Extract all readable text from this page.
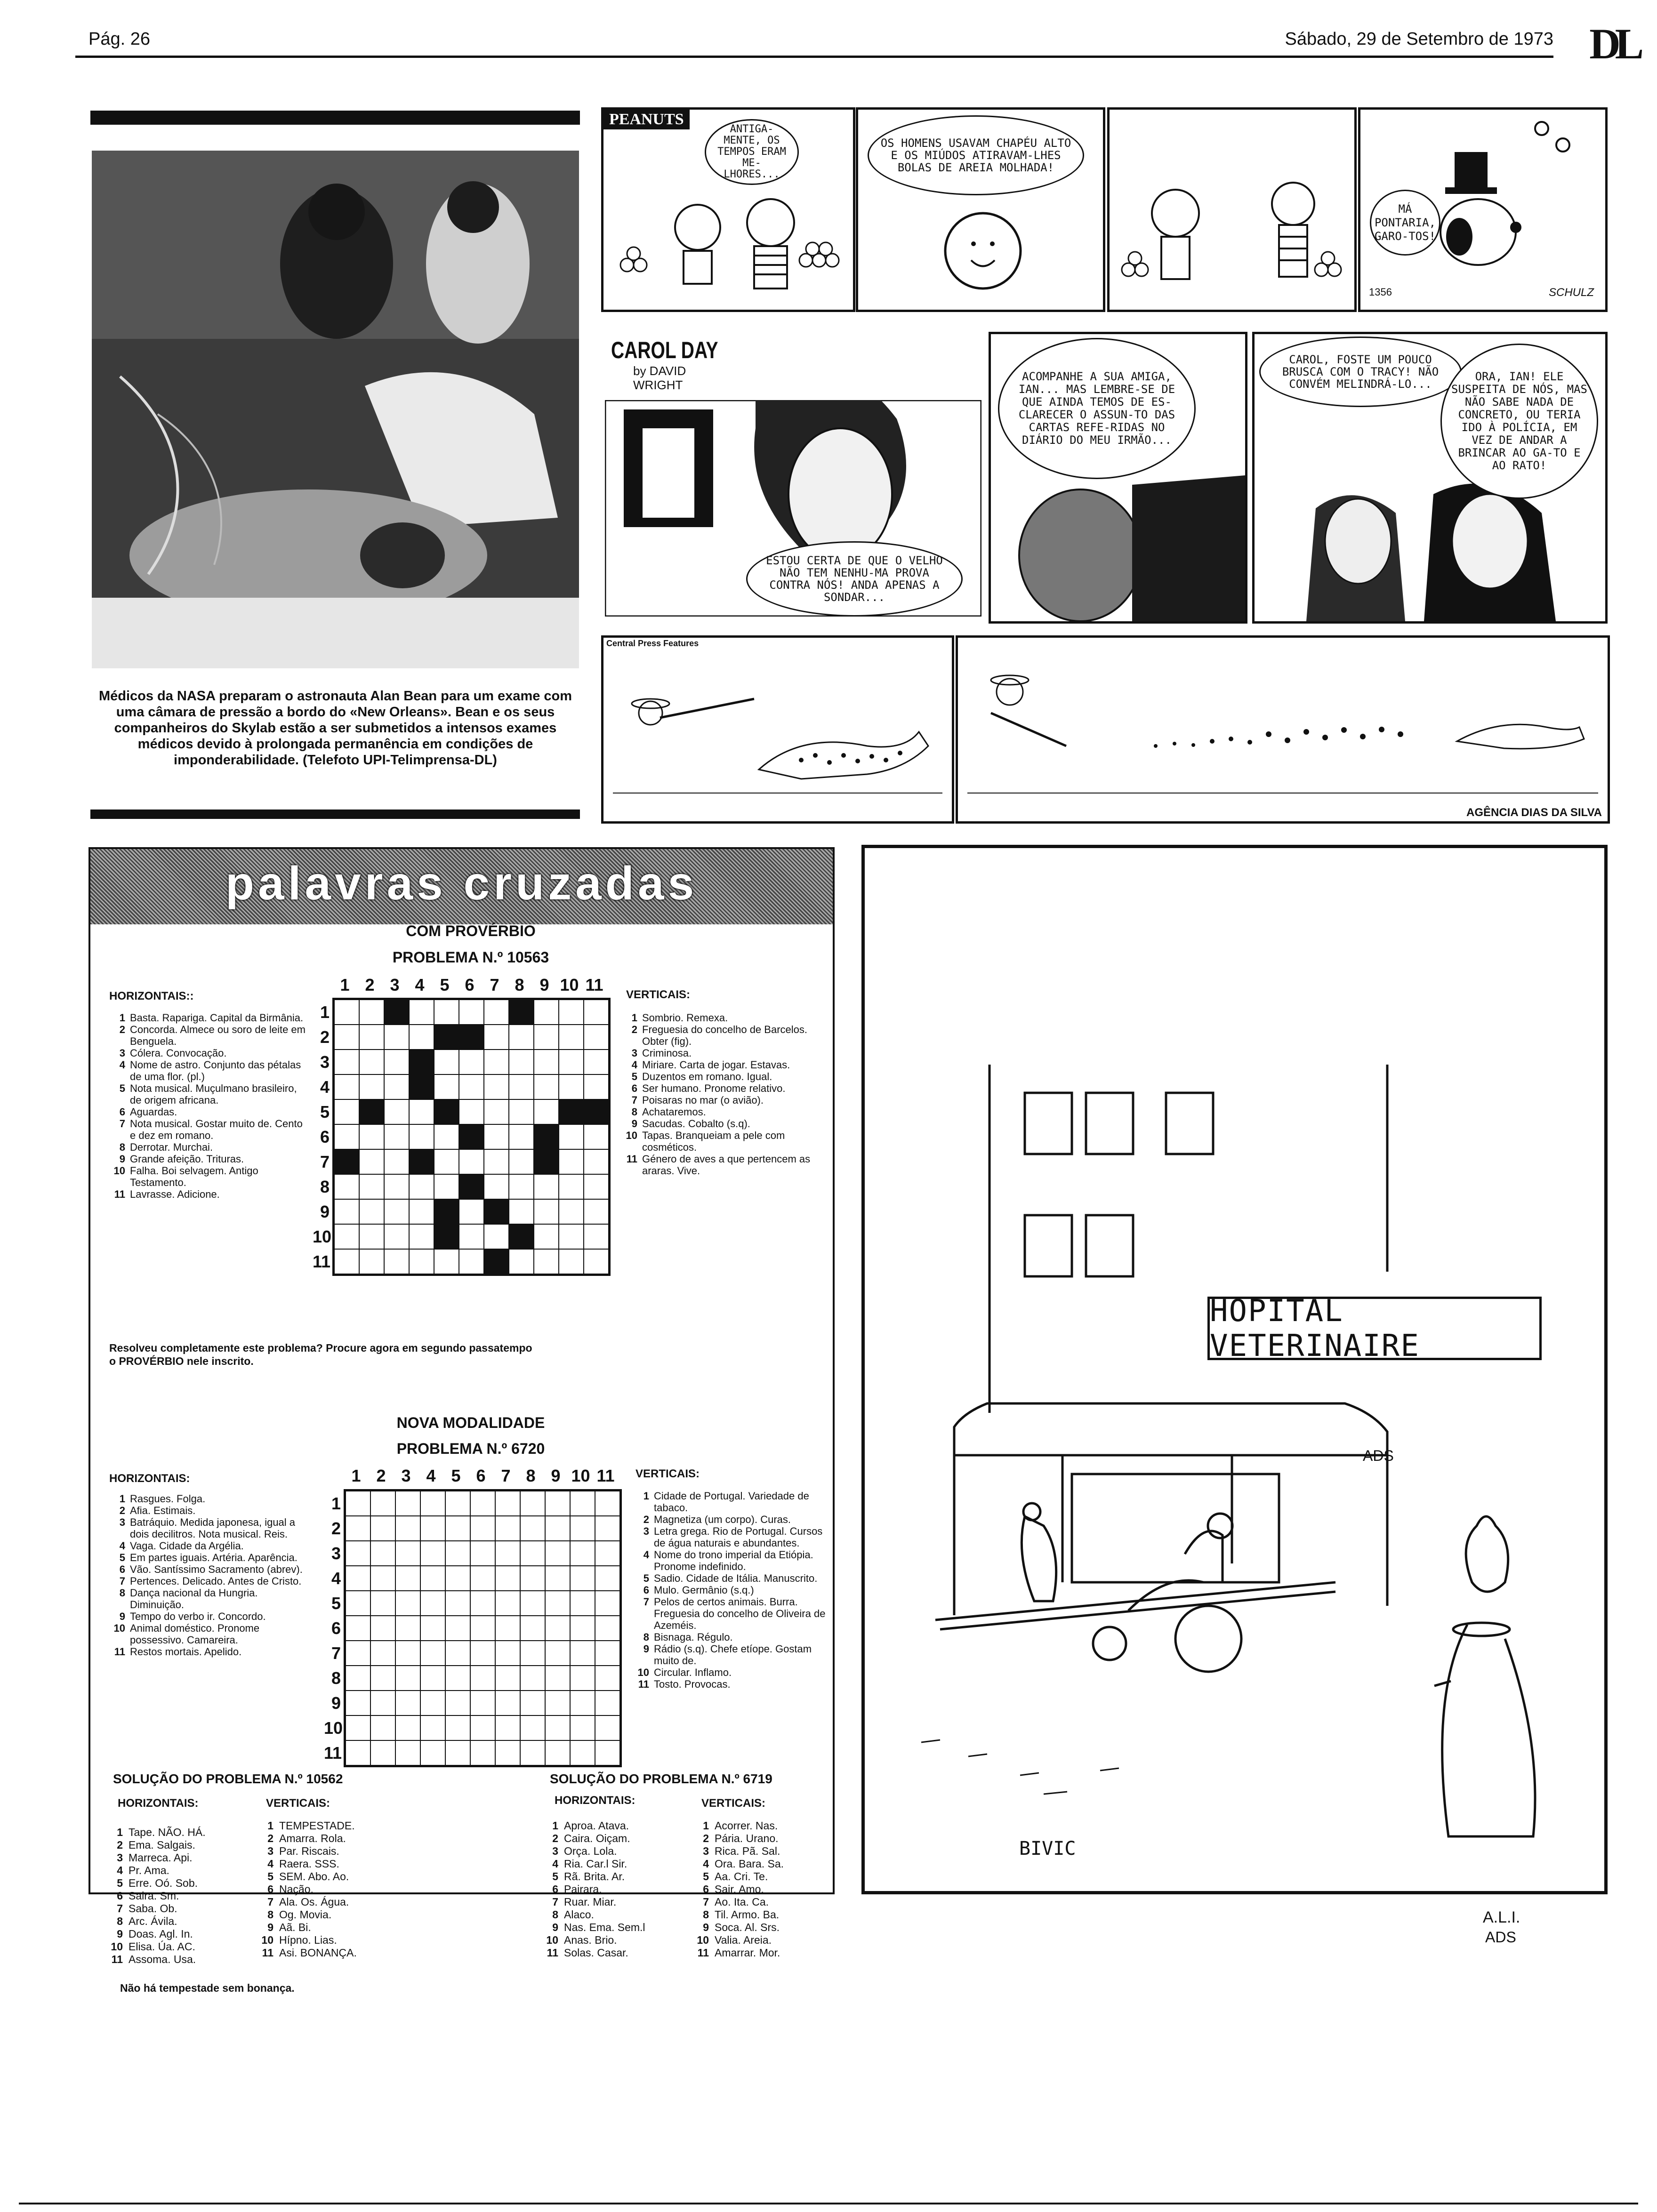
Pág. 26	Sábado, 29 de Setembro de 1973 DL
Médicos da NASA preparam o astronauta Alan Bean para um exame com uma câmara de pressão a bordo do «New Orleans». Bean e os seus companheiros do Skylab estão a ser submetidos a intensos exames médicos devido à prolongada permanência em condições de imponderabilidade. (Telefoto UPI-Telimprensa-DL)
PEANUTS
ANTIGA-MENTE, OS TEMPOS ERAM ME-LHORES...
OS HOMENS USAVAM CHAPÉU ALTO E OS MIÚDOS ATIRAVAM-LHES BOLAS DE AREIA MOLHADA!
MÁ PONTARIA, GARO-TOS!
SCHULZ
1356
CAROL DAY
by DAVID
WRIGHT
ESTOU CERTA DE QUE O VELHO NÃO TEM NENHU-MA PROVA CONTRA NÓS! ANDA APENAS A SONDAR...
ACOMPANHE A SUA AMIGA, IAN... MAS LEMBRE-SE DE QUE AINDA TEMOS DE ES-CLARECER O ASSUN-TO DAS CARTAS REFE-RIDAS NO DIÁRIO DO MEU IRMÃO...
CAROL, FOSTE UM POUCO BRUSCA COM O TRACY! NÃO CONVÉM MELINDRÁ-LO...
ORA, IAN! ELE SUSPEITA DE NÓS, MAS NÃO SABE NADA DE CONCRETO, OU TERIA IDO À POLÍCIA, EM VEZ DE ANDAR A BRINCAR AO GA-TO E AO RATO!
Central Press Features
AGÊNCIA DIAS DA SILVA
palavras cruzadas
COM PROVÉRBIO
PROBLEMA N.º 10563
HORIZONTAIS::
1 Basta. Rapariga. Capital da Birmânia.
2 Concorda. Almece ou soro de leite em Benguela.
3 Cólera. Convocação.
4 Nome de astro. Conjunto das pétalas de uma flor. (pl.)
5 Nota musical. Muçulmano brasileiro, de origem africana.
6 Aguardas.
7 Nota musical. Gostar muito de. Cento e dez em romano.
8 Derrotar. Murchai.
9 Grande afeição. Trituras.
10 Falha. Boi selvagem. Antigo Testamento.
11 Lavrasse. Adicione.
1 2 3 4 5 6 7 8 9 10 11
1
2
3
4
5
6
7
8
9
10
11
VERTICAIS:
1 Sombrio. Remexa.
2 Freguesia do concelho de Barcelos. Obter (fig).
3 Criminosa.
4 Miriare. Carta de jogar. Estavas.
5 Duzentos em romano. Igual.
6 Ser humano. Pronome relativo.
7 Poisaras no mar (o avião).
8 Achataremos.
9 Sacudas. Cobalto (s.q).
10 Tapas. Branqueiam a pele com cosméticos.
11 Género de aves a que pertencem as araras. Vive.
Resolveu completamente este problema? Procure agora em segundo passatempo o PROVÉRBIO nele inscrito.
NOVA MODALIDADE
PROBLEMA N.º 6720
HORIZONTAIS:
1 Rasgues. Folga.
2 Afia. Estimais.
3 Batráquio. Medida japonesa, igual a dois decilitros. Nota musical. Reis.
4 Vaga. Cidade da Argélia.
5 Em partes iguais. Artéria. Aparência.
6 Vão. Santíssimo Sacramento (abrev).
7 Pertences. Delicado. Antes de Cristo.
8 Dança nacional da Hungria. Diminuição.
9 Tempo do verbo ir. Concordo.
10 Animal doméstico. Pronome possessivo. Camareira.
11 Restos mortais. Apelido.
1 2 3 4 5 6 7 8 9 10 11
1
2
3
4
5
6
7
8
9
10
11
VERTICAIS:
1 Cidade de Portugal. Variedade de tabaco.
2 Magnetiza (um corpo). Curas.
3 Letra grega. Rio de Portugal. Cursos de água naturais e abundantes.
4 Nome do trono imperial da Etiópia. Pronome indefinido.
5 Sadio. Cidade de Itália. Manuscrito.
6 Mulo. Germânio (s.q.)
7 Pelos de certos animais. Burra. Freguesia do concelho de Oliveira de Azeméis.
8 Bisnaga. Régulo.
9 Rádio (s.q). Chefe etíope. Gostam muito de.
10 Circular. Inflamo.
11 Tosto. Provocas.
SOLUÇÃO DO PROBLEMA N.º 10562
HORIZONTAIS:	VERTICAIS:
1 Tape. NÃO. HÁ.
2 Ema. Salgais.
3 Marreca. Api.
4 Pr. Ama.
5 Erre. Oó. Sob.
6 Saira. Sm.
7 Saba. Ob.
8 Arc. Ávila.
9 Doas. Agl. In.
10 Elisa. Úa. AC.
11 Assoma. Usa.
1 TEMPESTADE.
2 Amarra. Rola.
3 Par. Riscais.
4 Raera. SSS.
5 SEM. Abo. Ao.
6 Nação.
7 Ala. Os. Água.
8 Og. Movia.
9 Aã. Bi.
10 Hípno. Lias.
11 Asi. BONANÇA.
Não há tempestade sem bonança.
SOLUÇÃO DO PROBLEMA N.º 6719
HORIZONTAIS:	VERTICAIS:
1 Aproa. Atava.
2 Caira. Oiçam.
3 Orça. Lola.
4 Ria. Car.l Sir.
5 Rã. Brita. Ar.
6 Pairara.
7 Ruar. Miar.
8 Alaco.
9 Nas. Ema. Sem.l
10 Anas. Brio.
11 Solas. Casar.
1 Acorrer. Nas.
2 Pária. Urano.
3 Rica. Pã. Sal.
4 Ora. Bara. Sa.
5 Aa. Cri. Te.
6 Sair. Amo.
7 Ao. Ita. Ca.
8 Til. Armo. Ba.
9 Soca. Al. Srs.
10 Valia. Areia.
11 Amarrar. Mor.
HOPITAL VETERINAIRE
ADS
BIVIC
A.L.I.
ADS
